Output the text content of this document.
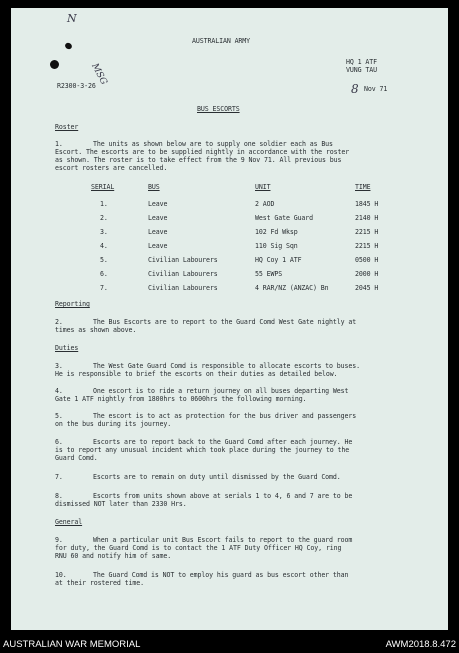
N
MSG
AUSTRALIAN ARMY
HQ 1 ATF
VUNG TAU
8 Nov 71
R2300-3-26
BUS ESCORTS
Roster
1.	The units as shown below are to supply one soldier each as Bus
Escort. The escorts are to be supplied nightly in accordance with the roster
as shown. The roster is to take effect from the 9 Nov 71. All previous bus
escort rosters are cancelled.
SERIAL	BUS	UNIT	TIME
1.	Leave	2 AOD	1845 H
2.	Leave	West Gate Guard	2140 H
3.	Leave	102 Fd Wksp	2215 H
4.	Leave	110 Sig Sqn	2215 H
5.	Civilian Labourers	HQ Coy 1 ATF	0500 H
6.	Civilian Labourers	55 EWPS	2000 H
7.	Civilian Labourers	4 RAR/NZ (ANZAC) Bn	2045 H
Reporting
2.	The Bus Escorts are to report to the Guard Comd West Gate nightly at
times as shown above.
Duties
3.	The West Gate Guard Comd is responsible to allocate escorts to buses.
He is responsible to brief the escorts on their duties as detailed below.
4.	One escort is to ride a return journey on all buses departing West
Gate 1 ATF nightly from 1800hrs to 0600hrs the following morning.
5.	The escort is to act as protection for the bus driver and passengers
on the bus during its journey.
6.	Escorts are to report back to the Guard Comd after each journey. He
is to report any unusual incident which took place during the journey to the
Guard Comd.
7.	Escorts are to remain on duty until dismissed by the Guard Comd.
8.	Escorts from units shown above at serials 1 to 4, 6 and 7 are to be
dismissed NOT later than 2330 Hrs.
General
9.	When a particular unit Bus Escort fails to report to the guard room
for duty, the Guard Comd is to contact the 1 ATF Duty Officer HQ Coy, ring
RNU 60 and notify him of same.
10.	The Guard Comd is NOT to employ his guard as bus escort other than
at their rostered time.
AUSTRALIAN WAR MEMORIAL	AWM2018.8.472
